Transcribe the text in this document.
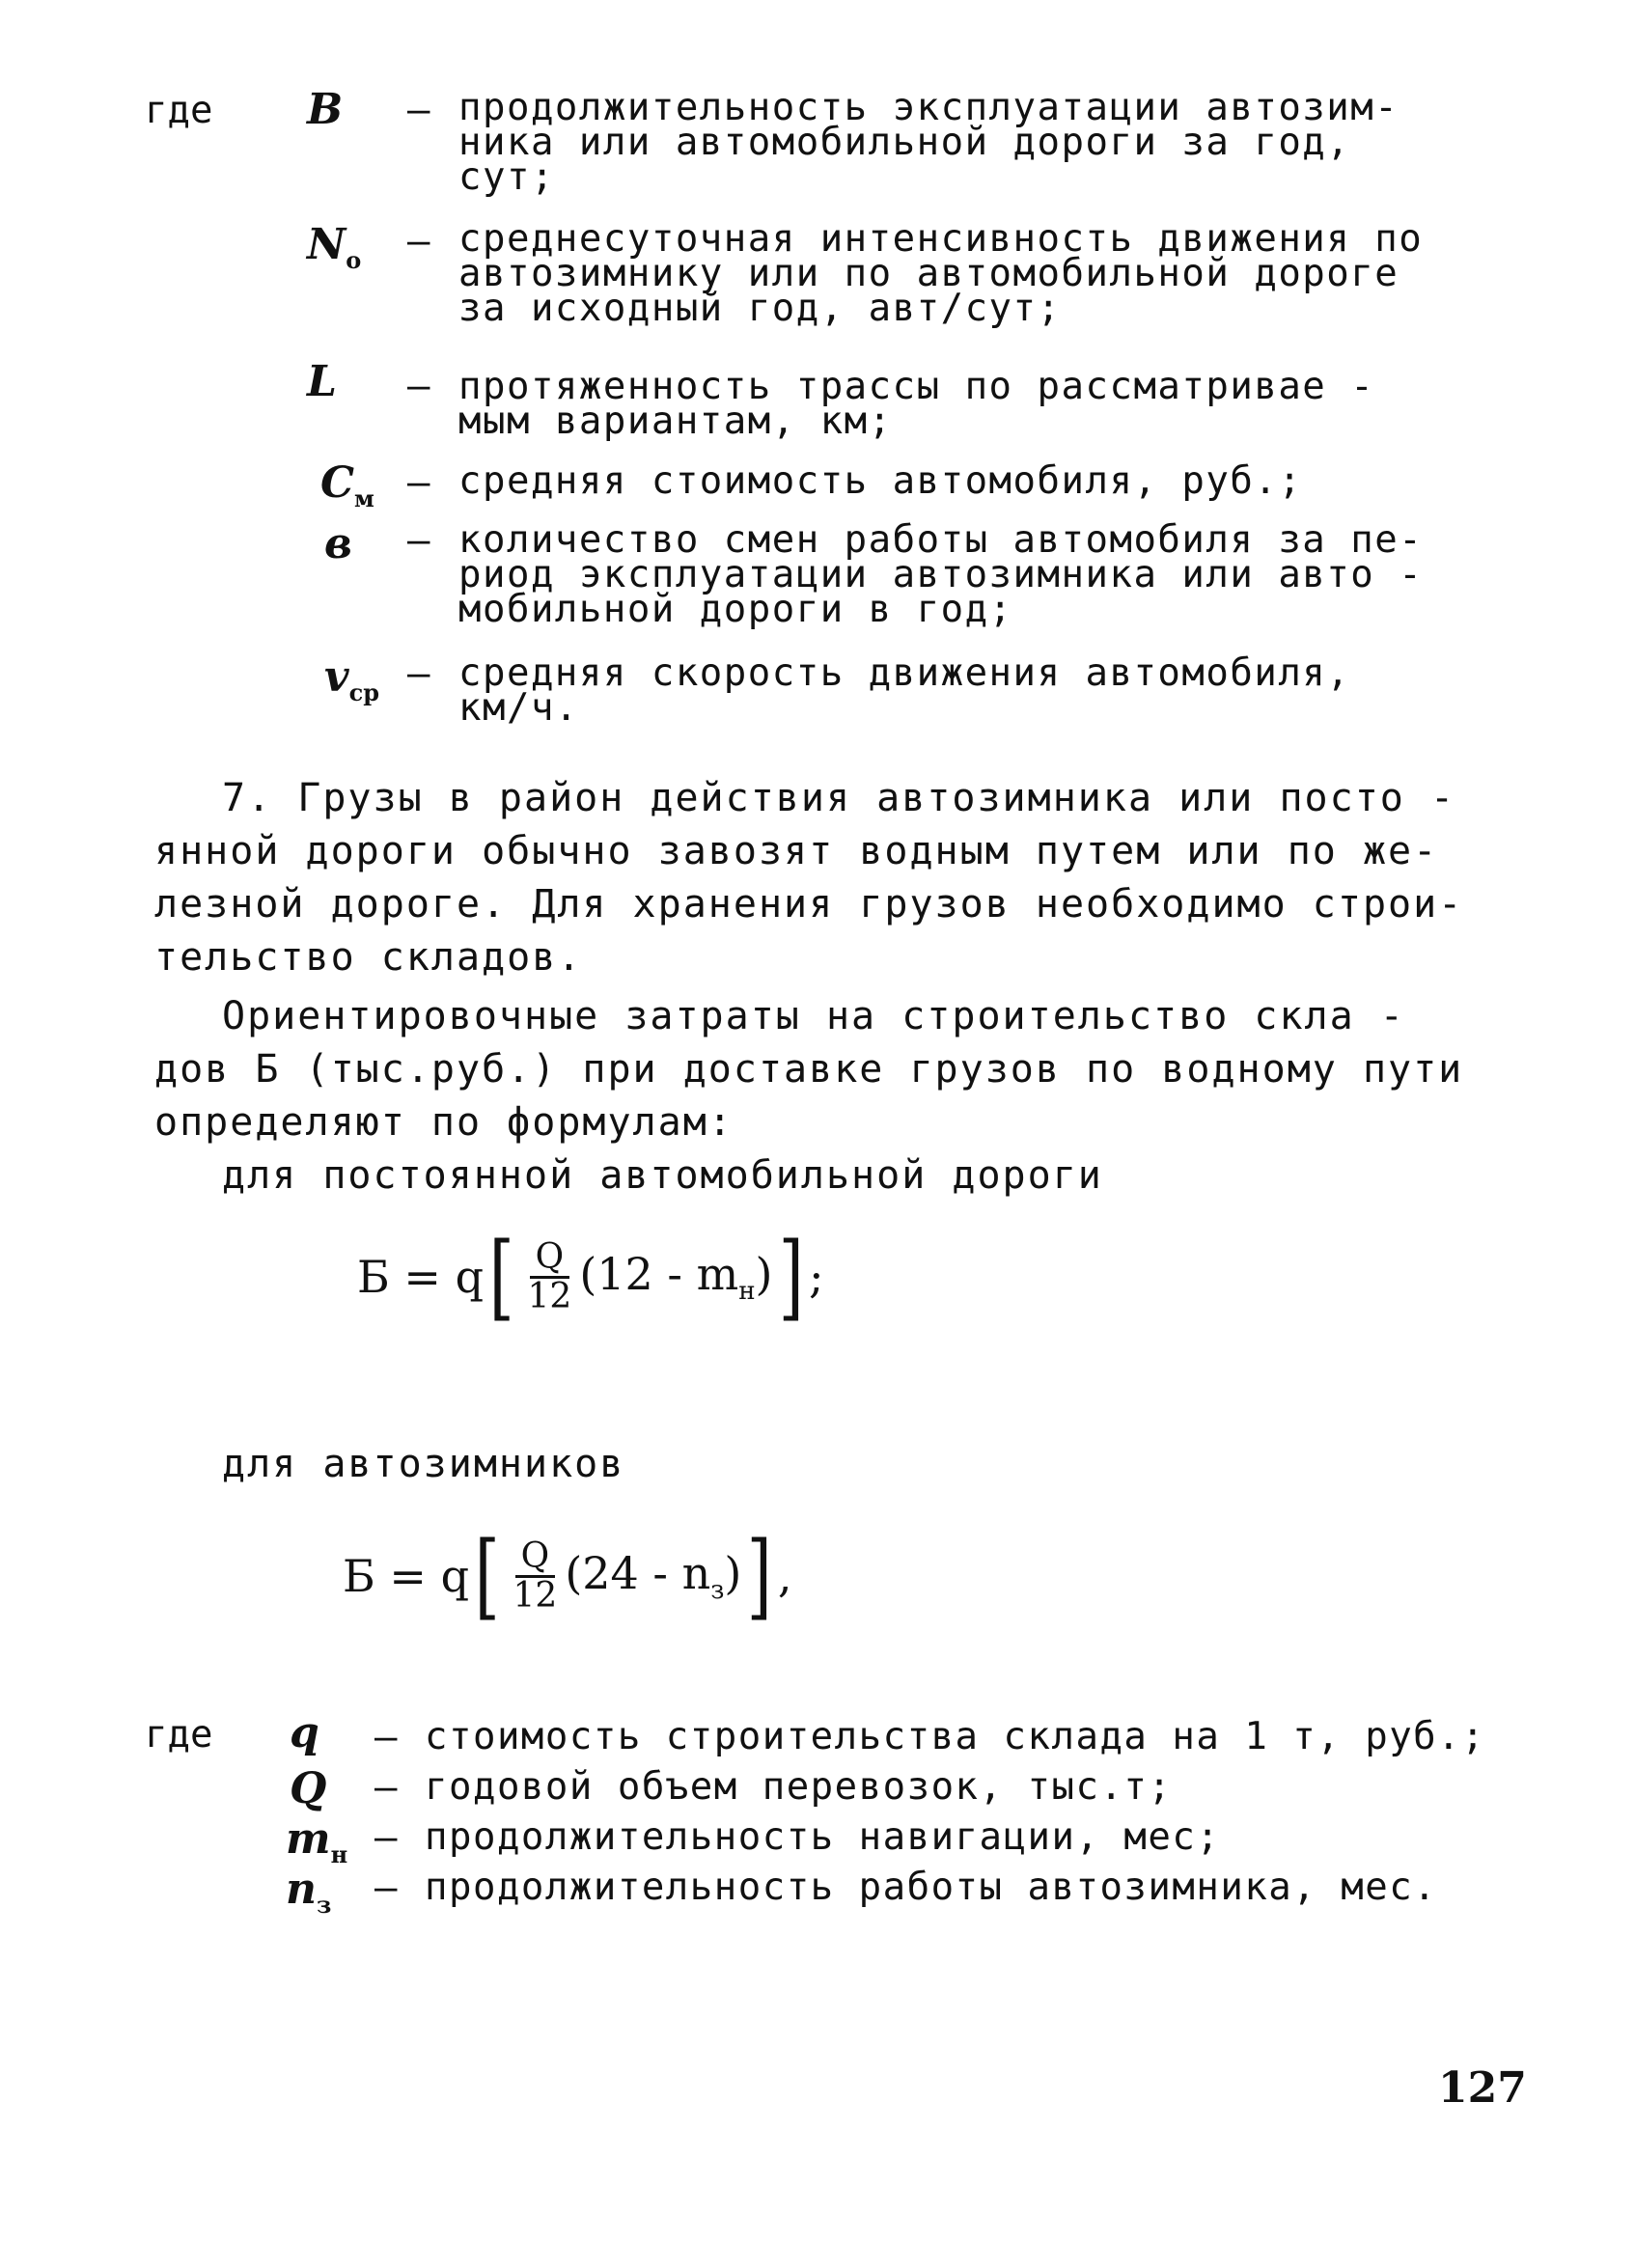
где В – продолжительность эксплуатации автозим-
ника или автомобильной дороги за год,
сут;
$N_о$ – среднесуточная интенсивность движения по
автозимнику или по автомобильной дороге
за исходный год, авт/сут;
L – протяженность трассы по рассматривае -
мым вариантам, км;
$С_м$ – средняя стоимость автомобиля, руб.;
в – количество смен работы автомобиля за пе-
риод эксплуатации автозимника или авто -
мобильной дороги в год;
$v_{ср}$ – средняя скорость движения автомобиля,
км/ч.

7. Грузы в район действия автозимника или посто - янной дороги обычно завозят водным путем или по же- лезной дороге. Для хранения грузов необходимо строи- тельство складов.

Ориентировочные затраты на строительство скла - дов Б (тыс.руб.) при доставке грузов по водному пути определяют по формулам:

для постоянной автомобильной дороги

Б = q [ $\frac{Q}{12} (12 - m_н)$ ] ;
для автозимников
Б = q [ $\frac{Q}{12} (24 - n_з)$ ] ,
где q – стоимость строительства склада на 1 т, руб.;
Q – годовой объем перевозок, тыс.т;
$m_н$ – продолжительность навигации, мес;
$n_з$ – продолжительность работы автозимника, мес.
127
